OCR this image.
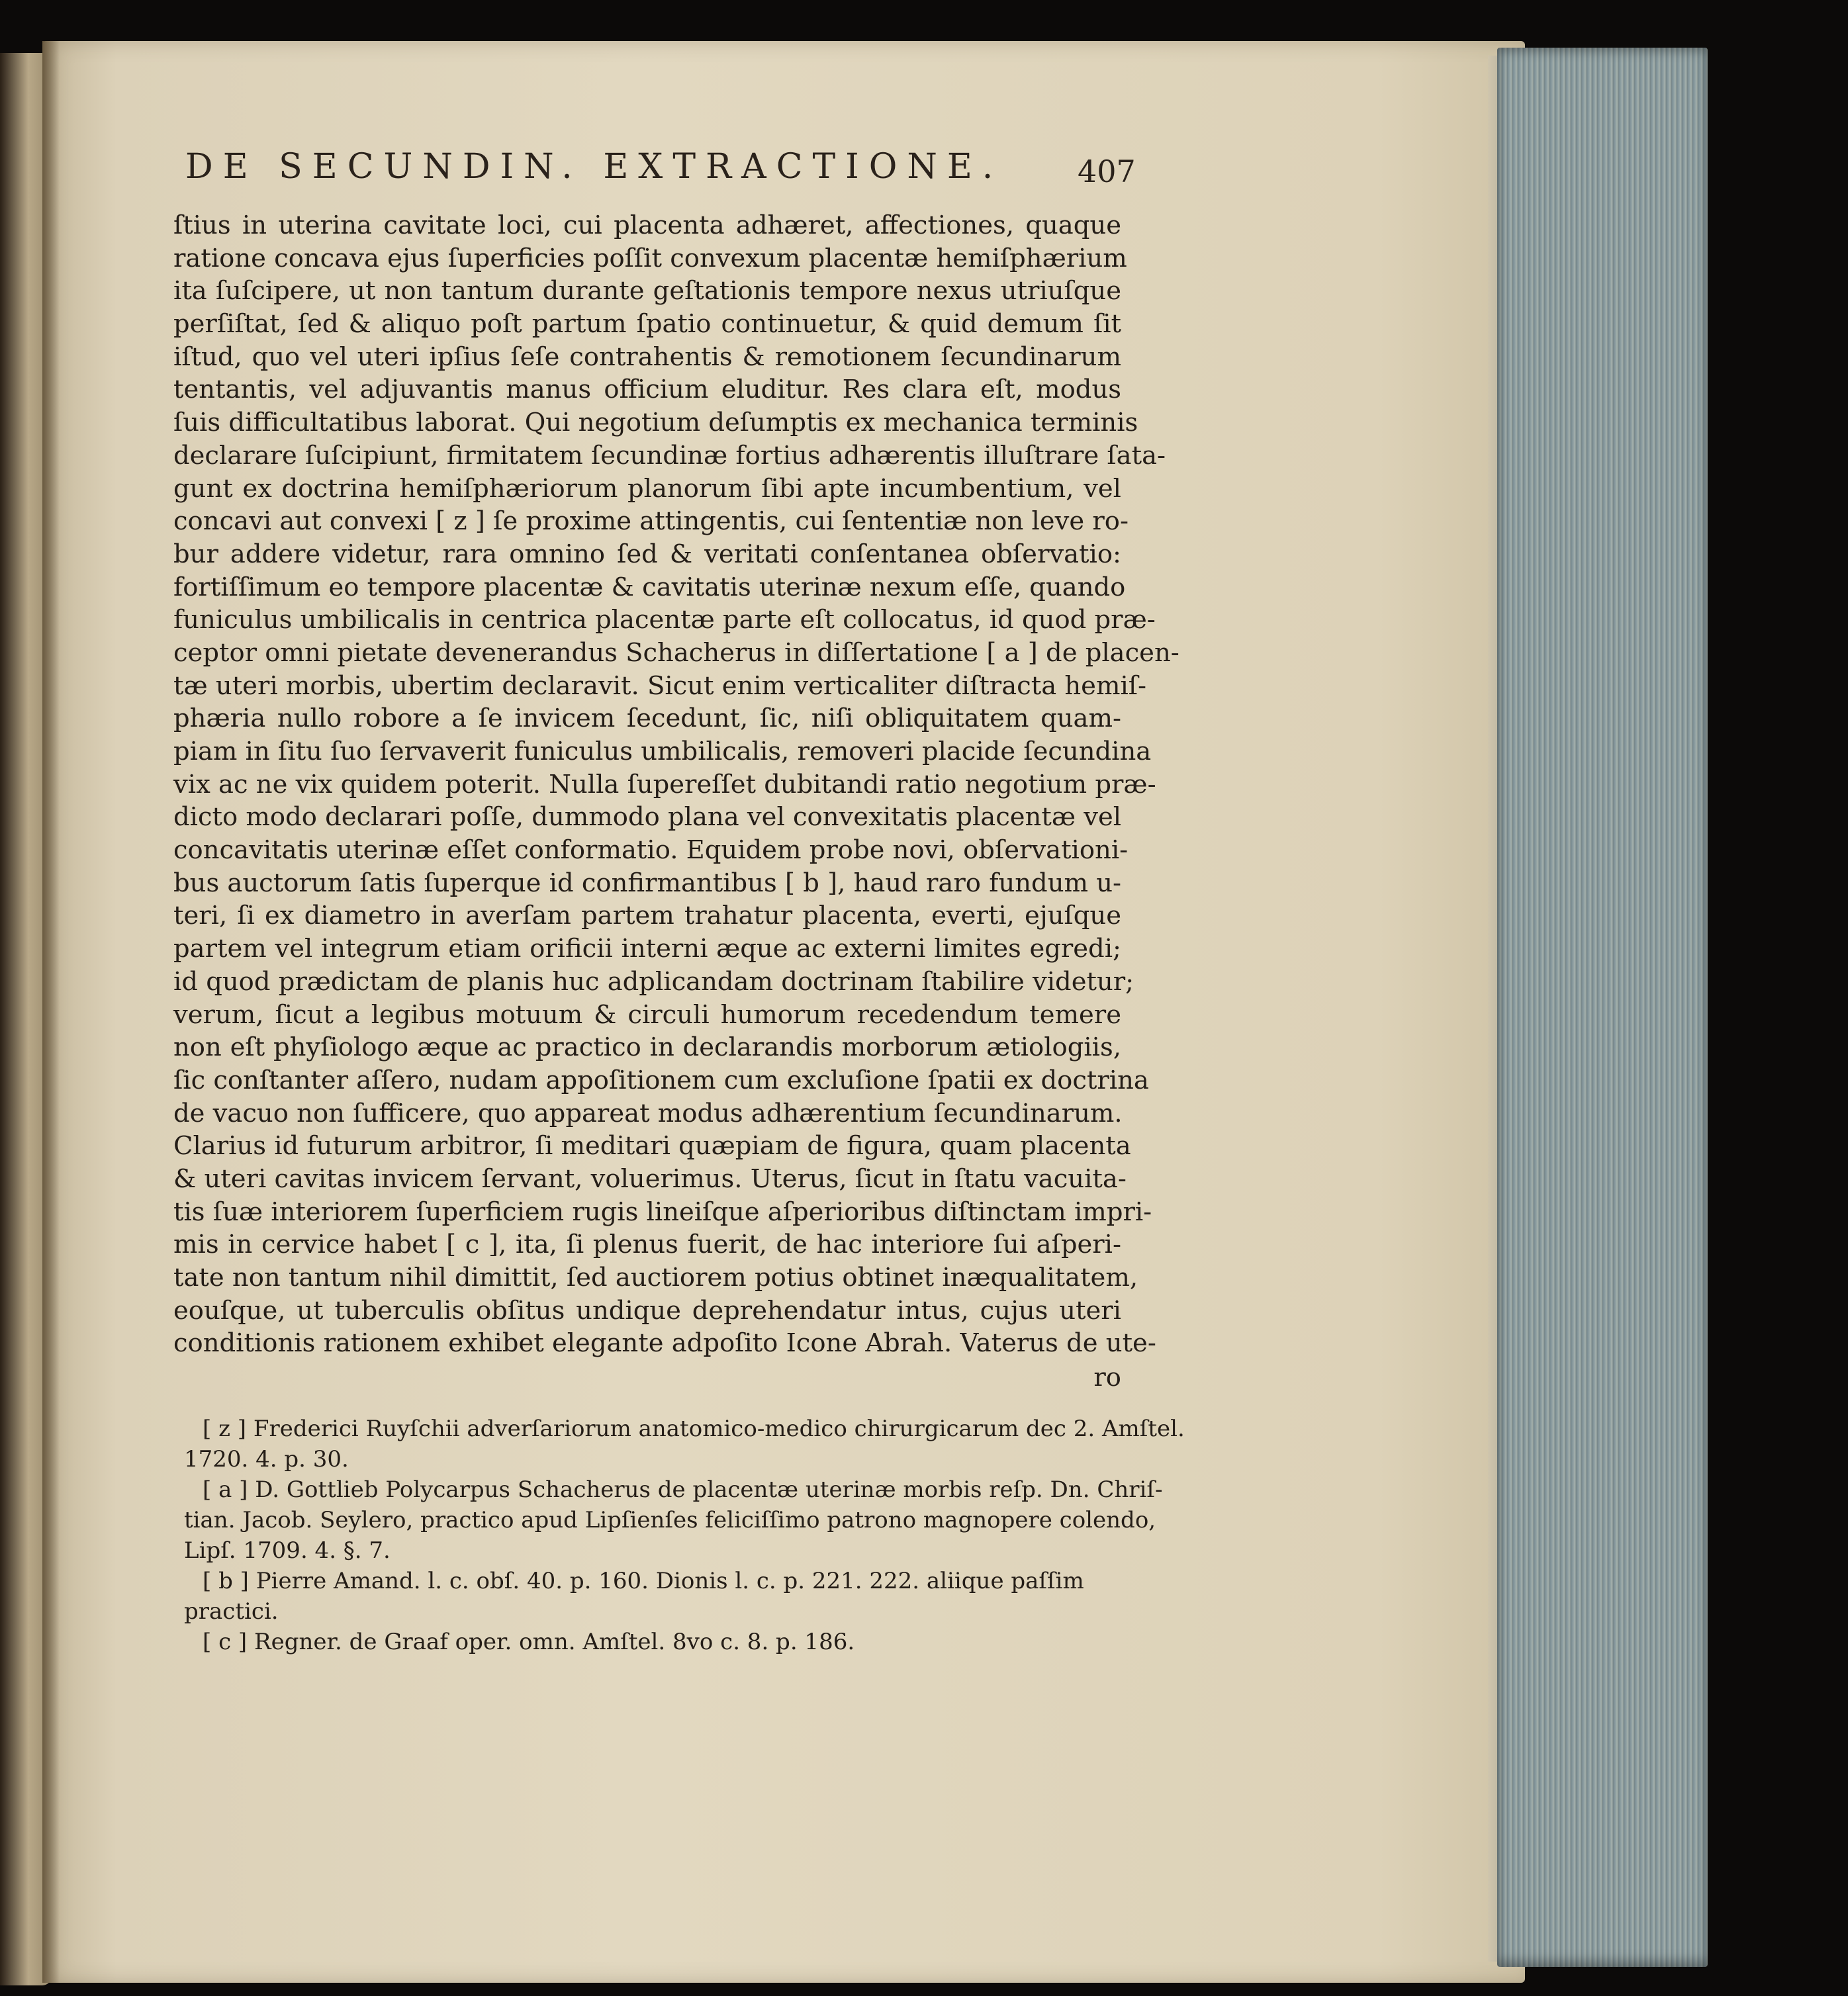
DE SECUNDIN. EXTRACTIONE.	407
ſtius in uterina cavitate loci, cui placenta adhæret, affectiones, quaque
ratione concava ejus ſuperficies poſſit convexum placentæ hemiſphærium
ita ſuſcipere, ut non tantum durante geſtationis tempore nexus utriuſque
perſiſtat, ſed & aliquo poſt partum ſpatio continuetur, & quid demum ſit
iſtud, quo vel uteri ipſius ſeſe contrahentis & remotionem ſecundinarum
tentantis, vel adjuvantis manus officium eluditur. Res clara eſt, modus
ſuis difficultatibus laborat. Qui negotium deſumptis ex mechanica terminis
declarare ſuſcipiunt, firmitatem ſecundinæ fortius adhærentis illuſtrare ſata-
gunt ex doctrina hemiſphæriorum planorum ſibi apte incumbentium, vel
concavi aut convexi [ z ] ſe proxime attingentis, cui ſententiæ non leve ro-
bur addere videtur, rara omnino ſed & veritati conſentanea obſervatio:
fortiſſimum eo tempore placentæ & cavitatis uterinæ nexum eſſe, quando
funiculus umbilicalis in centrica placentæ parte eſt collocatus, id quod præ-
ceptor omni pietate devenerandus Schacherus in diſſertatione [ a ] de placen-
tæ uteri morbis, ubertim declaravit. Sicut enim verticaliter diſtracta hemiſ-
phæria nullo robore a ſe invicem ſecedunt, ſic, niſi obliquitatem quam-
piam in ſitu ſuo ſervaverit funiculus umbilicalis, removeri placide ſecundina
vix ac ne vix quidem poterit. Nulla ſupereſſet dubitandi ratio negotium præ-
dicto modo declarari poſſe, dummodo plana vel convexitatis placentæ vel
concavitatis uterinæ eſſet conformatio. Equidem probe novi, obſervationi-
bus auctorum ſatis ſuperque id confirmantibus [ b ], haud raro fundum u-
teri, ſi ex diametro in averſam partem trahatur placenta, everti, ejuſque
partem vel integrum etiam orificii interni æque ac externi limites egredi;
id quod prædictam de planis huc adplicandam doctrinam ſtabilire videtur;
verum, ſicut a legibus motuum & circuli humorum recedendum temere
non eſt phyſiologo æque ac practico in declarandis morborum ætiologiis,
ſic conſtanter aſſero, nudam appoſitionem cum excluſione ſpatii ex doctrina
de vacuo non ſufficere, quo appareat modus adhærentium ſecundinarum.
Clarius id futurum arbitror, ſi meditari quæpiam de figura, quam placenta
& uteri cavitas invicem ſervant, voluerimus. Uterus, ſicut in ſtatu vacuita-
tis ſuæ interiorem ſuperficiem rugis lineiſque aſperioribus diſtinctam impri-
mis in cervice habet [ c ], ita, ſi plenus fuerit, de hac interiore ſui aſperi-
tate non tantum nihil dimittit, ſed auctiorem potius obtinet inæqualitatem,
eouſque, ut tuberculis obſitus undique deprehendatur intus, cujus uteri
conditionis rationem exhibet elegante adpoſito Icone Abrah. Vaterus de ute-
ro
[ z ] Frederici Ruyſchii adverſariorum anatomico-medico chirurgicarum dec 2. Amſtel.
1720. 4. p. 30.
[ a ] D. Gottlieb Polycarpus Schacherus de placentæ uterinæ morbis reſp. Dn. Chriſ-
tian. Jacob. Seylero, practico apud Lipſienſes feliciſſimo patrono magnopere colendo,
Lipſ. 1709. 4. §. 7.
[ b ] Pierre Amand. l. c. obſ. 40. p. 160. Dionis l. c. p. 221. 222. aliique paſſim
practici.
[ c ] Regner. de Graaf oper. omn. Amſtel. 8vo c. 8. p. 186.
